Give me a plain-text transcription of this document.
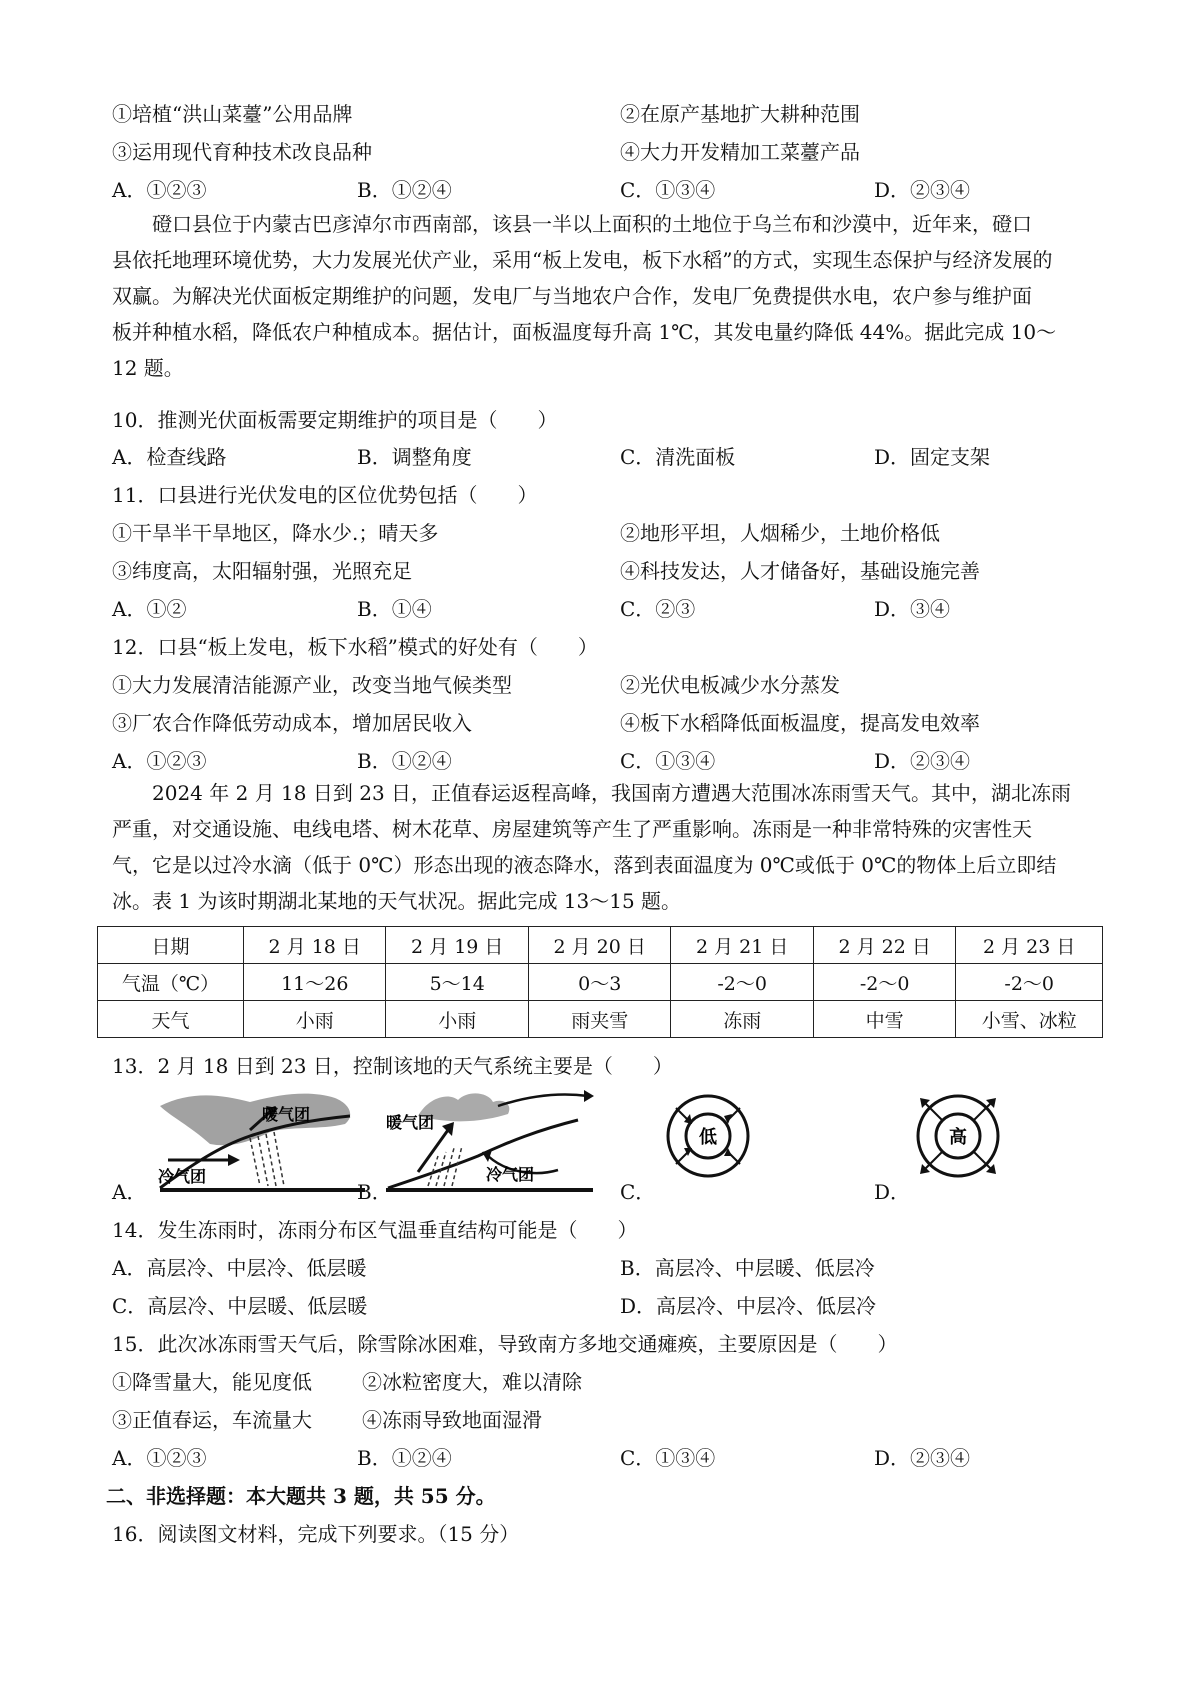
①培植“洪山菜薹”公用品牌	②在原产基地扩大耕种范围
③运用现代育种技术改良品种	④大力开发精加工菜薹产品
A．①②③	B．①②④	C．①③④	D．②③④
磴口县位于内蒙古巴彦淖尔市西南部，该县一半以上面积的土地位于乌兰布和沙漠中，近年来，磴口
县依托地理环境优势，大力发展光伏产业，采用“板上发电，板下水稻”的方式，实现生态保护与经济发展的
双赢。为解决光伏面板定期维护的问题，发电厂与当地农户合作，发电厂免费提供水电，农户参与维护面
板并种植水稻，降低农户种植成本。据估计，面板温度每升高 1℃，其发电量约降低 44%。据此完成 10～
12 题。
10．推测光伏面板需要定期维护的项目是（　　）
A．检查线路	B．调整角度	C．清洗面板	D．固定支架
11．口县进行光伏发电的区位优势包括（　　）
①干旱半干旱地区，降水少.；晴天多	②地形平坦，人烟稀少，土地价格低
③纬度高，太阳辐射强，光照充足	④科技发达，人才储备好，基础设施完善
A．①②	B．①④	C．②③	D．③④
12．口县“板上发电，板下水稻”模式的好处有（　　）
①大力发展清洁能源产业，改变当地气候类型	②光伏电板减少水分蒸发
③厂农合作降低劳动成本，增加居民收入	④板下水稻降低面板温度，提高发电效率
A．①②③	B．①②④	C．①③④	D．②③④
2024 年 2 月 18 日到 23 日，正值春运返程高峰，我国南方遭遇大范围冰冻雨雪天气。其中，湖北冻雨
严重，对交通设施、电线电塔、树木花草、房屋建筑等产生了严重影响。冻雨是一种非常特殊的灾害性天
气，它是以过冷水滴（低于 0℃）形态出现的液态降水，落到表面温度为 0℃或低于 0℃的物体上后立即结
冰。表 1 为该时期湖北某地的天气状况。据此完成 13～15 题。
日期	2 月 18 日	2 月 19 日	2 月 20 日	2 月 21 日	2 月 22 日	2 月 23 日
气温（℃）	11～26	5～14	0～3	-2～0	-2～0	-2～0
天气	小雨	小雨	雨夹雪	冻雨	中雪	小雪、冰粒
13．2 月 18 日到 23 日，控制该地的天气系统主要是（　　）
暖气团
冷气团
A．
暖气团
冷气团
B．
低
C．
高
D．
14．发生冻雨时，冻雨分布区气温垂直结构可能是（　　）
A．高层冷、中层冷、低层暖	B．高层冷、中层暖、低层冷
C．高层冷、中层暖、低层暖	D．高层冷、中层冷、低层冷
15．此次冰冻雨雪天气后，除雪除冰困难，导致南方多地交通瘫痪，主要原因是（　　）
①降雪量大，能见度低	②冰粒密度大，难以清除
③正值春运，车流量大	④冻雨导致地面湿滑
A．①②③	B．①②④	C．①③④	D．②③④
二、非选择题：本大题共 3 题，共 55 分。
16．阅读图文材料，完成下列要求。（15 分）
